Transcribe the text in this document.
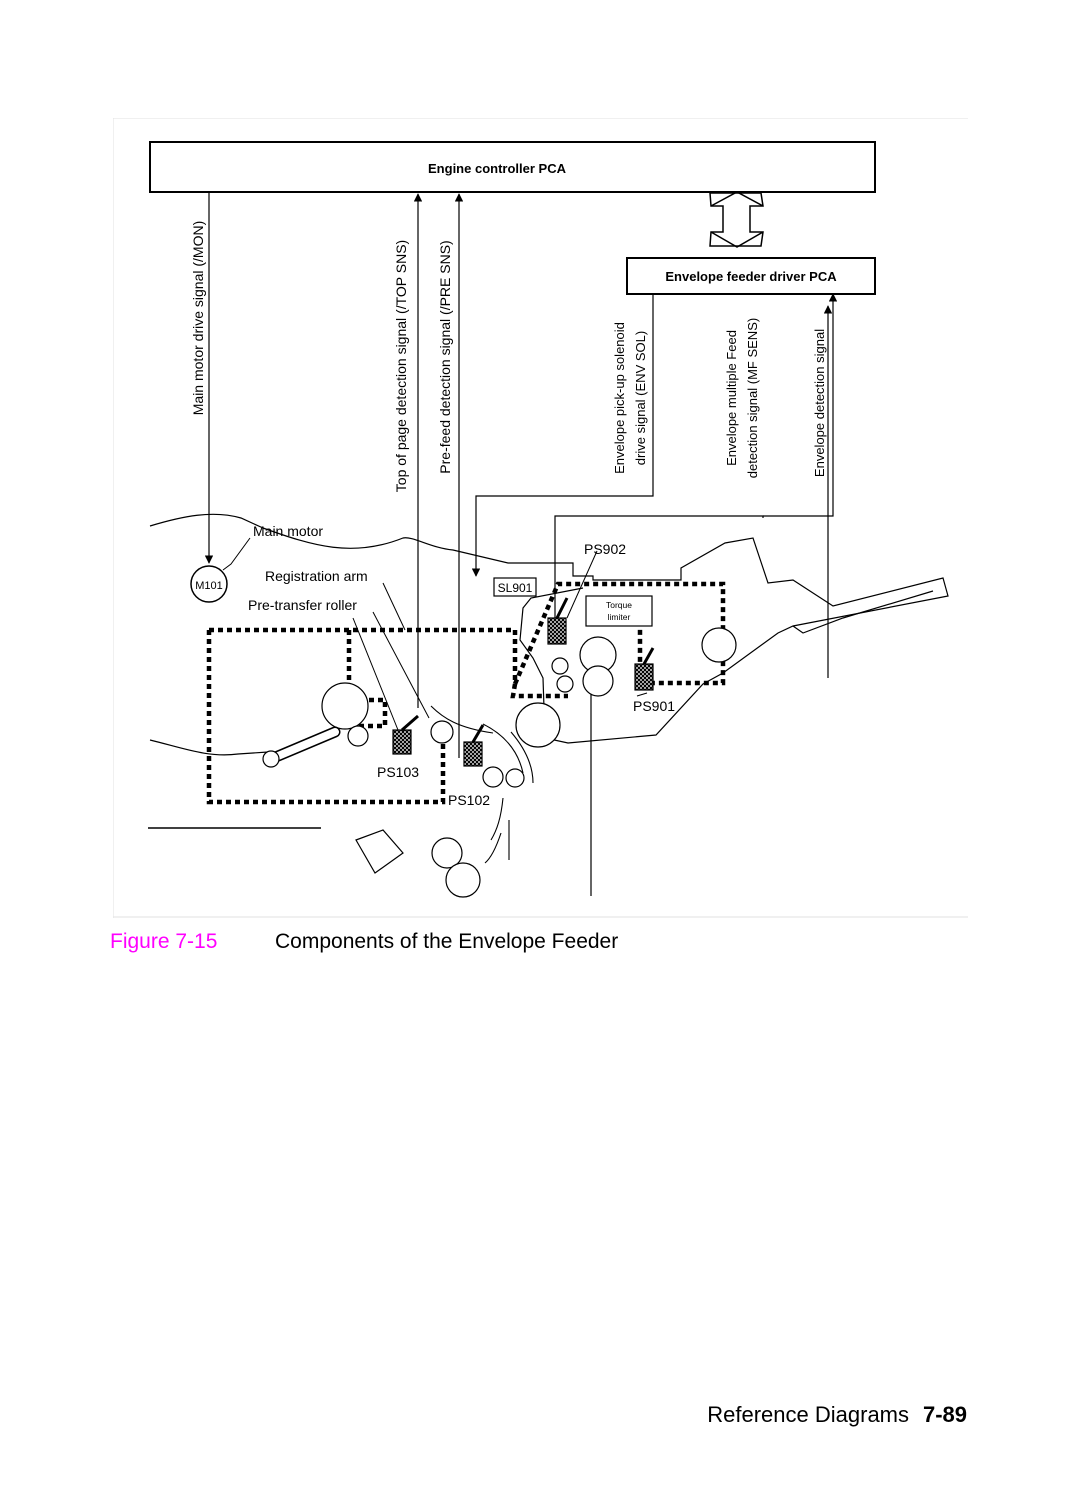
Engine controller PCA
Envelope feeder driver PCA
Main motor drive signal (/MON)	Top of page detection signal (/TOP SNS) Pre-feed detection signal (/PRE SNS)	Envelope pick-up solenoid drive signal (ENV SOL)	Envelope multiple Feed detection signal (MF SENS)	Envelope detection signal
Torque
limiter
SL901
M101
Main motor
Registration arm
Pre-transfer roller
PS902
PS901
PS103
PS102
Figure 7-15	Components of the Envelope Feeder
Reference Diagrams 7-89
